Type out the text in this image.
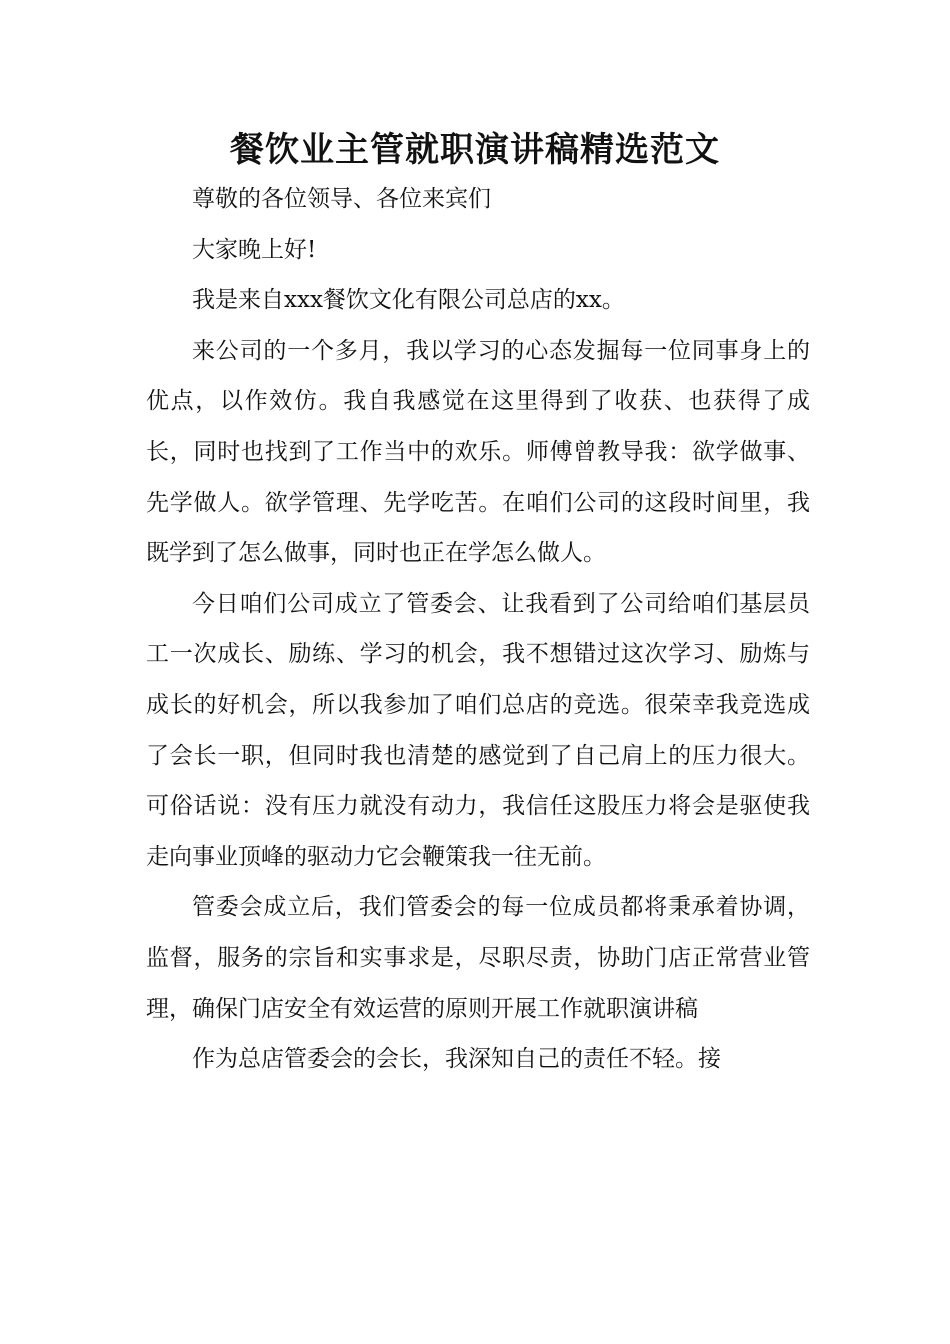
餐饮业主管就职演讲稿精选范文

尊敬的各位领导、各位来宾们

大家晚上好!

我是来自xxx餐饮文化有限公司总店的xx。

来公司的一个多月，我以学习的心态发掘每一位同事身上的优点，以作效仿。我自我感觉在这里得到了收获、也获得了成长，同时也找到了工作当中的欢乐。师傅曾教导我：欲学做事、先学做人。欲学管理、先学吃苦。在咱们公司的这段时间里，我既学到了怎么做事，同时也正在学怎么做人。

今日咱们公司成立了管委会、让我看到了公司给咱们基层员工一次成长、励练、学习的机会，我不想错过这次学习、励炼与成长的好机会，所以我参加了咱们总店的竞选。很荣幸我竞选成了会长一职，但同时我也清楚的感觉到了自己肩上的压力很大。可俗话说：没有压力就没有动力，我信任这股压力将会是驱使我走向事业顶峰的驱动力它会鞭策我一往无前。

管委会成立后，我们管委会的每一位成员都将秉承着协调，监督，服务的宗旨和实事求是，尽职尽责，协助门店正常营业管理，确保门店安全有效运营的原则开展工作就职演讲稿

作为总店管委会的会长，我深知自己的责任不轻。接
